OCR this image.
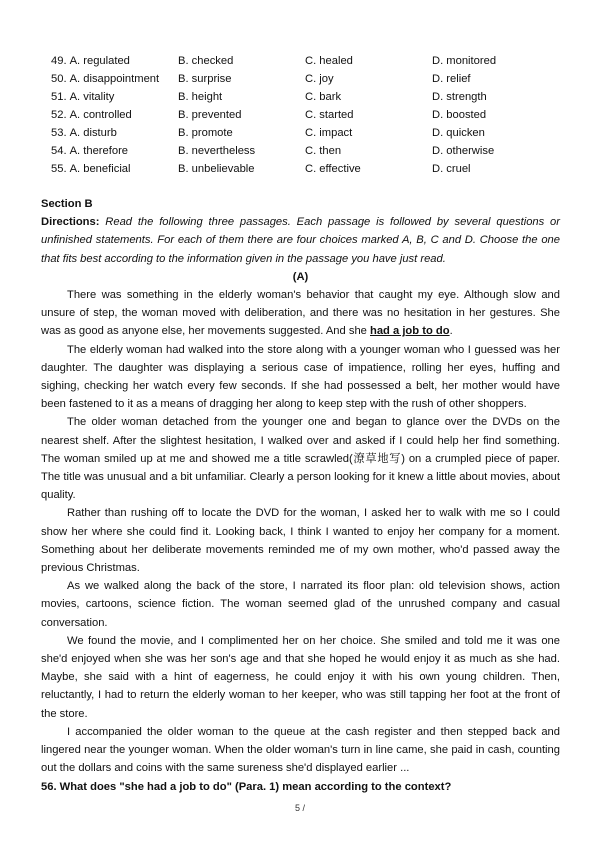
49. A. regulated	B. checked	C. healed	D. monitored
50. A. disappointment	B. surprise	C. joy	D. relief
51. A. vitality	B. height	C. bark	D. strength
52. A. controlled	B. prevented	C. started	D. boosted
53. A. disturb	B. promote	C. impact	D. quicken
54. A. therefore	B. nevertheless	C. then	D. otherwise
55. A. beneficial	B. unbelievable	C. effective	D. cruel

Section B

Directions: Read the following three passages. Each passage is followed by several questions or unfinished statements. For each of them there are four choices marked A, B, C and D. Choose the one that fits best according to the information given in the passage you have just read.

(A)

There was something in the elderly woman's behavior that caught my eye. Although slow and unsure of step, the woman moved with deliberation, and there was no hesitation in her gestures. She was as good as anyone else, her movements suggested. And she had a job to do.

The elderly woman had walked into the store along with a younger woman who I guessed was her daughter. The daughter was displaying a serious case of impatience, rolling her eyes, huffing and sighing, checking her watch every few seconds. If she had possessed a belt, her mother would have been fastened to it as a means of dragging her along to keep step with the rush of other shoppers.

The older woman detached from the younger one and began to glance over the DVDs on the nearest shelf. After the slightest hesitation, I walked over and asked if I could help her find something. The woman smiled up at me and showed me a title scrawled(潦草地写) on a crumpled piece of paper. The title was unusual and a bit unfamiliar. Clearly a person looking for it knew a little about movies, about quality.

Rather than rushing off to locate the DVD for the woman, I asked her to walk with me so I could show her where she could find it. Looking back, I think I wanted to enjoy her company for a moment. Something about her deliberate movements reminded me of my own mother, who'd passed away the previous Christmas.

As we walked along the back of the store, I narrated its floor plan: old television shows, action movies, cartoons, science fiction. The woman seemed glad of the unrushed company and casual conversation.

We found the movie, and I complimented her on her choice. She smiled and told me it was one she'd enjoyed when she was her son's age and that she hoped he would enjoy it as much as she had. Maybe, she said with a hint of eagerness, he could enjoy it with his own young children. Then, reluctantly, I had to return the elderly woman to her keeper, who was still tapping her foot at the front of the store.

I accompanied the older woman to the queue at the cash register and then stepped back and lingered near the younger woman. When the older woman's turn in line came, she paid in cash, counting out the dollars and coins with the same sureness she'd displayed earlier ...

56. What does "she had a job to do" (Para. 1) mean according to the context?

5 /
